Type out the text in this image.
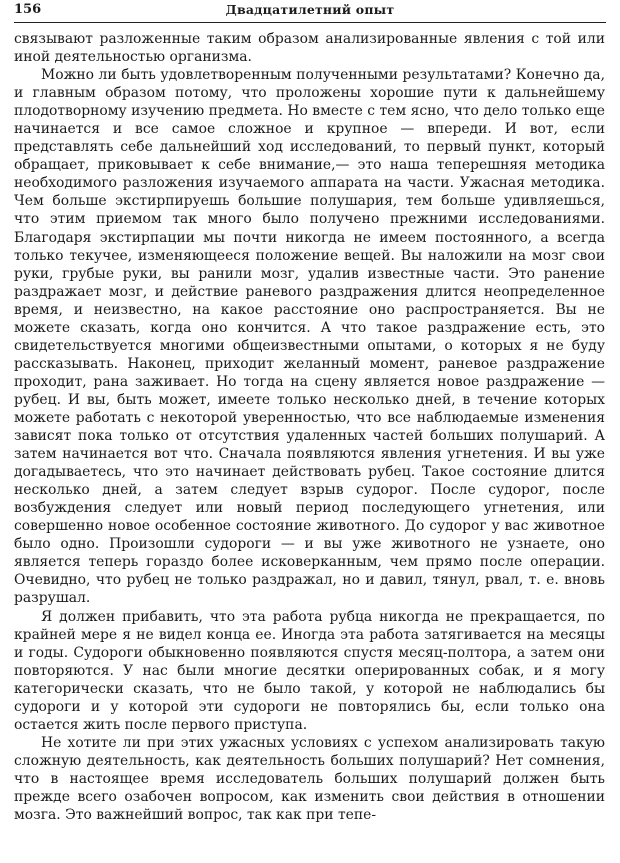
156	Двадцатилетний опыт

связывают разложенные таким образом анализированные явления с той или иной деятельностью организма.

Можно ли быть удовлетворенным полученными результатами? Конечно да, и главным образом потому, что проложены хорошие пути к дальнейшему плодотворному изучению предмета. Но вместе с тем ясно, что дело только еще начинается и все самое сложное и крупное — впереди. И вот, если представлять себе дальнейший ход исследований, то первый пункт, который обращает, приковывает к себе внимание,— это наша теперешняя методика необходимого разложения изучаемого аппарата на части. Ужасная методика. Чем больше экстирпируешь большие полушария, тем больше удивляешься, что этим приемом так много было получено прежними исследованиями. Благодаря экстирпации мы почти никогда не имеем постоянного, а всегда только текучее, изменяющееся положение вещей. Вы наложили на мозг свои руки, грубые руки, вы ранили мозг, удалив известные части. Это ранение раздражает мозг, и действие раневого раздражения длится неопределенное время, и неизвестно, на какое расстояние оно распространяется. Вы не можете сказать, когда оно кончится. А что такое раздражение есть, это свидетельствуется многими общеизвестными опытами, о которых я не буду рассказывать. Наконец, приходит желанный момент, раневое раздражение проходит, рана заживает. Но тогда на сцену является новое раздражение — рубец. И вы, быть может, имеете только несколько дней, в течение которых можете работать с некоторой уверенностью, что все наблюдаемые изменения зависят пока только от отсутствия удаленных частей больших полушарий. А затем начинается вот что. Сначала появляются явления угнетения. И вы уже догадываетесь, что это начинает действовать рубец. Такое состояние длится несколько дней, а затем следует взрыв судорог. После судорог, после возбуждения следует или новый период последующего угнетения, или совершенно новое особенное состояние животного. До судорог у вас животное было одно. Произошли судороги — и вы уже животного не узнаете, оно является теперь гораздо более исковерканным, чем прямо после операции. Очевидно, что рубец не только раздражал, но и давил, тянул, рвал, т. е. вновь разрушал.

Я должен прибавить, что эта работа рубца никогда не прекращается, по крайней мере я не видел конца ее. Иногда эта работа затягивается на месяцы и годы. Судороги обыкновенно появляются спустя месяц-полтора, а затем они повторяются. У нас были многие десятки оперированных собак, и я могу категорически сказать, что не было такой, у которой не наблюдались бы судороги и у которой эти судороги не повторялись бы, если только она остается жить после первого приступа.

Не хотите ли при этих ужасных условиях с успехом анализировать такую сложную деятельность, как деятельность больших полушарий? Нет сомнения, что в настоящее время исследователь больших полушарий должен быть прежде всего озабочен вопросом, как изменить свои действия в отношении мозга. Это важнейший вопрос, так как при тепе-
